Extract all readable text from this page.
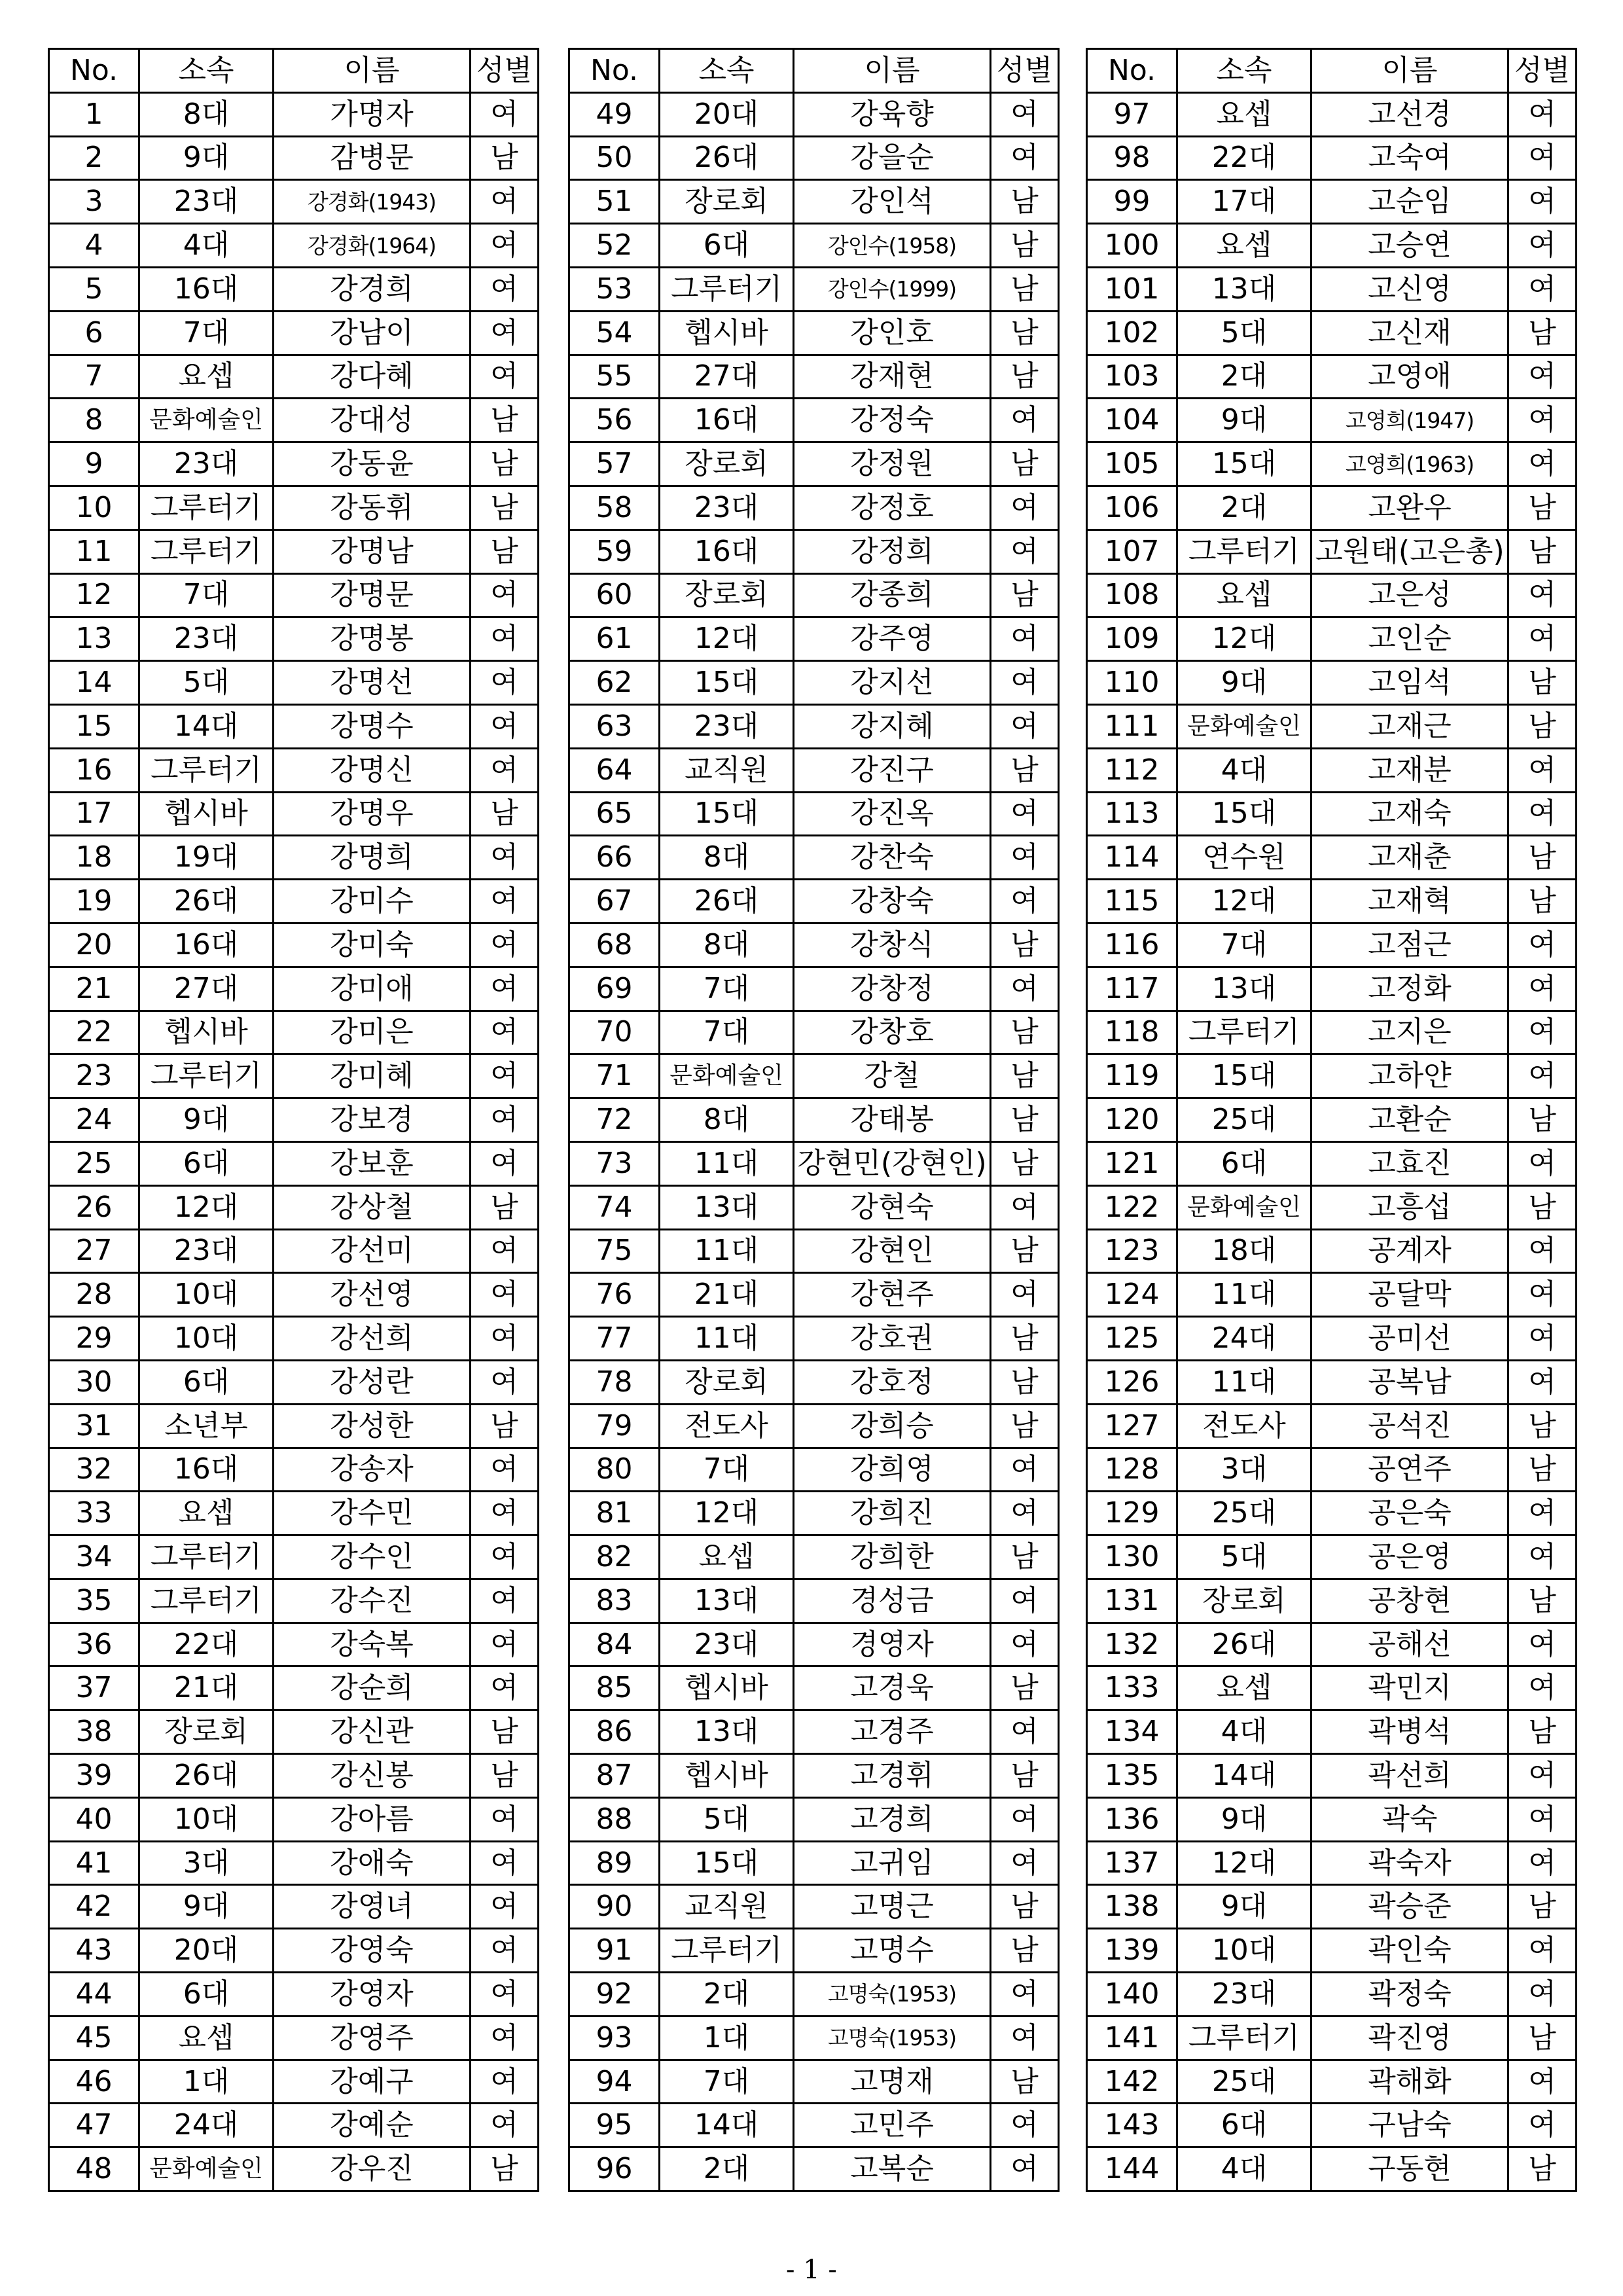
No.	소속	이름	성별
1	8대	가명자	여
2	9대	감병문	남
3	23대	강경화(1943)	여
4	4대	강경화(1964)	여
5	16대	강경희	여
6	7대	강남이	여
7	요셉	강다혜	여
8	문화예술인	강대성	남
9	23대	강동윤	남
10	그루터기	강동휘	남
11	그루터기	강명남	남
12	7대	강명문	여
13	23대	강명봉	여
14	5대	강명선	여
15	14대	강명수	여
16	그루터기	강명신	여
17	헵시바	강명우	남
18	19대	강명희	여
19	26대	강미수	여
20	16대	강미숙	여
21	27대	강미애	여
22	헵시바	강미은	여
23	그루터기	강미혜	여
24	9대	강보경	여
25	6대	강보훈	여
26	12대	강상철	남
27	23대	강선미	여
28	10대	강선영	여
29	10대	강선희	여
30	6대	강성란	여
31	소년부	강성한	남
32	16대	강송자	여
33	요셉	강수민	여
34	그루터기	강수인	여
35	그루터기	강수진	여
36	22대	강숙복	여
37	21대	강순희	여
38	장로회	강신관	남
39	26대	강신봉	남
40	10대	강아름	여
41	3대	강애숙	여
42	9대	강영녀	여
43	20대	강영숙	여
44	6대	강영자	여
45	요셉	강영주	여
46	1대	강예구	여
47	24대	강예순	여
48	문화예술인	강우진	남
No.	소속	이름	성별
49	20대	강육향	여
50	26대	강을순	여
51	장로회	강인석	남
52	6대	강인수(1958)	남
53	그루터기	강인수(1999)	남
54	헵시바	강인호	남
55	27대	강재현	남
56	16대	강정숙	여
57	장로회	강정원	남
58	23대	강정호	여
59	16대	강정희	여
60	장로회	강종희	남
61	12대	강주영	여
62	15대	강지선	여
63	23대	강지혜	여
64	교직원	강진구	남
65	15대	강진옥	여
66	8대	강찬숙	여
67	26대	강창숙	여
68	8대	강창식	남
69	7대	강창정	여
70	7대	강창호	남
71	문화예술인	강철	남
72	8대	강태봉	남
73	11대	강현민(강현인)	남
74	13대	강현숙	여
75	11대	강현인	남
76	21대	강현주	여
77	11대	강호권	남
78	장로회	강호정	남
79	전도사	강희승	남
80	7대	강희영	여
81	12대	강희진	여
82	요셉	강희한	남
83	13대	경성금	여
84	23대	경영자	여
85	헵시바	고경욱	남
86	13대	고경주	여
87	헵시바	고경휘	남
88	5대	고경희	여
89	15대	고귀임	여
90	교직원	고명근	남
91	그루터기	고명수	남
92	2대	고명숙(1953)	여
93	1대	고명숙(1953)	여
94	7대	고명재	남
95	14대	고민주	여
96	2대	고복순	여
No.	소속	이름	성별
97	요셉	고선경	여
98	22대	고숙여	여
99	17대	고순임	여
100	요셉	고승연	여
101	13대	고신영	여
102	5대	고신재	남
103	2대	고영애	여
104	9대	고영희(1947)	여
105	15대	고영희(1963)	여
106	2대	고완우	남
107	그루터기	고원태(고은총)	남
108	요셉	고은성	여
109	12대	고인순	여
110	9대	고임석	남
111	문화예술인	고재근	남
112	4대	고재분	여
113	15대	고재숙	여
114	연수원	고재춘	남
115	12대	고재혁	남
116	7대	고점근	여
117	13대	고정화	여
118	그루터기	고지은	여
119	15대	고하얀	여
120	25대	고환순	남
121	6대	고효진	여
122	문화예술인	고흥섭	남
123	18대	공계자	여
124	11대	공달막	여
125	24대	공미선	여
126	11대	공복남	여
127	전도사	공석진	남
128	3대	공연주	남
129	25대	공은숙	여
130	5대	공은영	여
131	장로회	공창현	남
132	26대	공해선	여
133	요셉	곽민지	여
134	4대	곽병석	남
135	14대	곽선희	여
136	9대	곽숙	여
137	12대	곽숙자	여
138	9대	곽승준	남
139	10대	곽인숙	여
140	23대	곽정숙	여
141	그루터기	곽진영	남
142	25대	곽해화	여
143	6대	구남숙	여
144	4대	구동현	남
- 1 -
